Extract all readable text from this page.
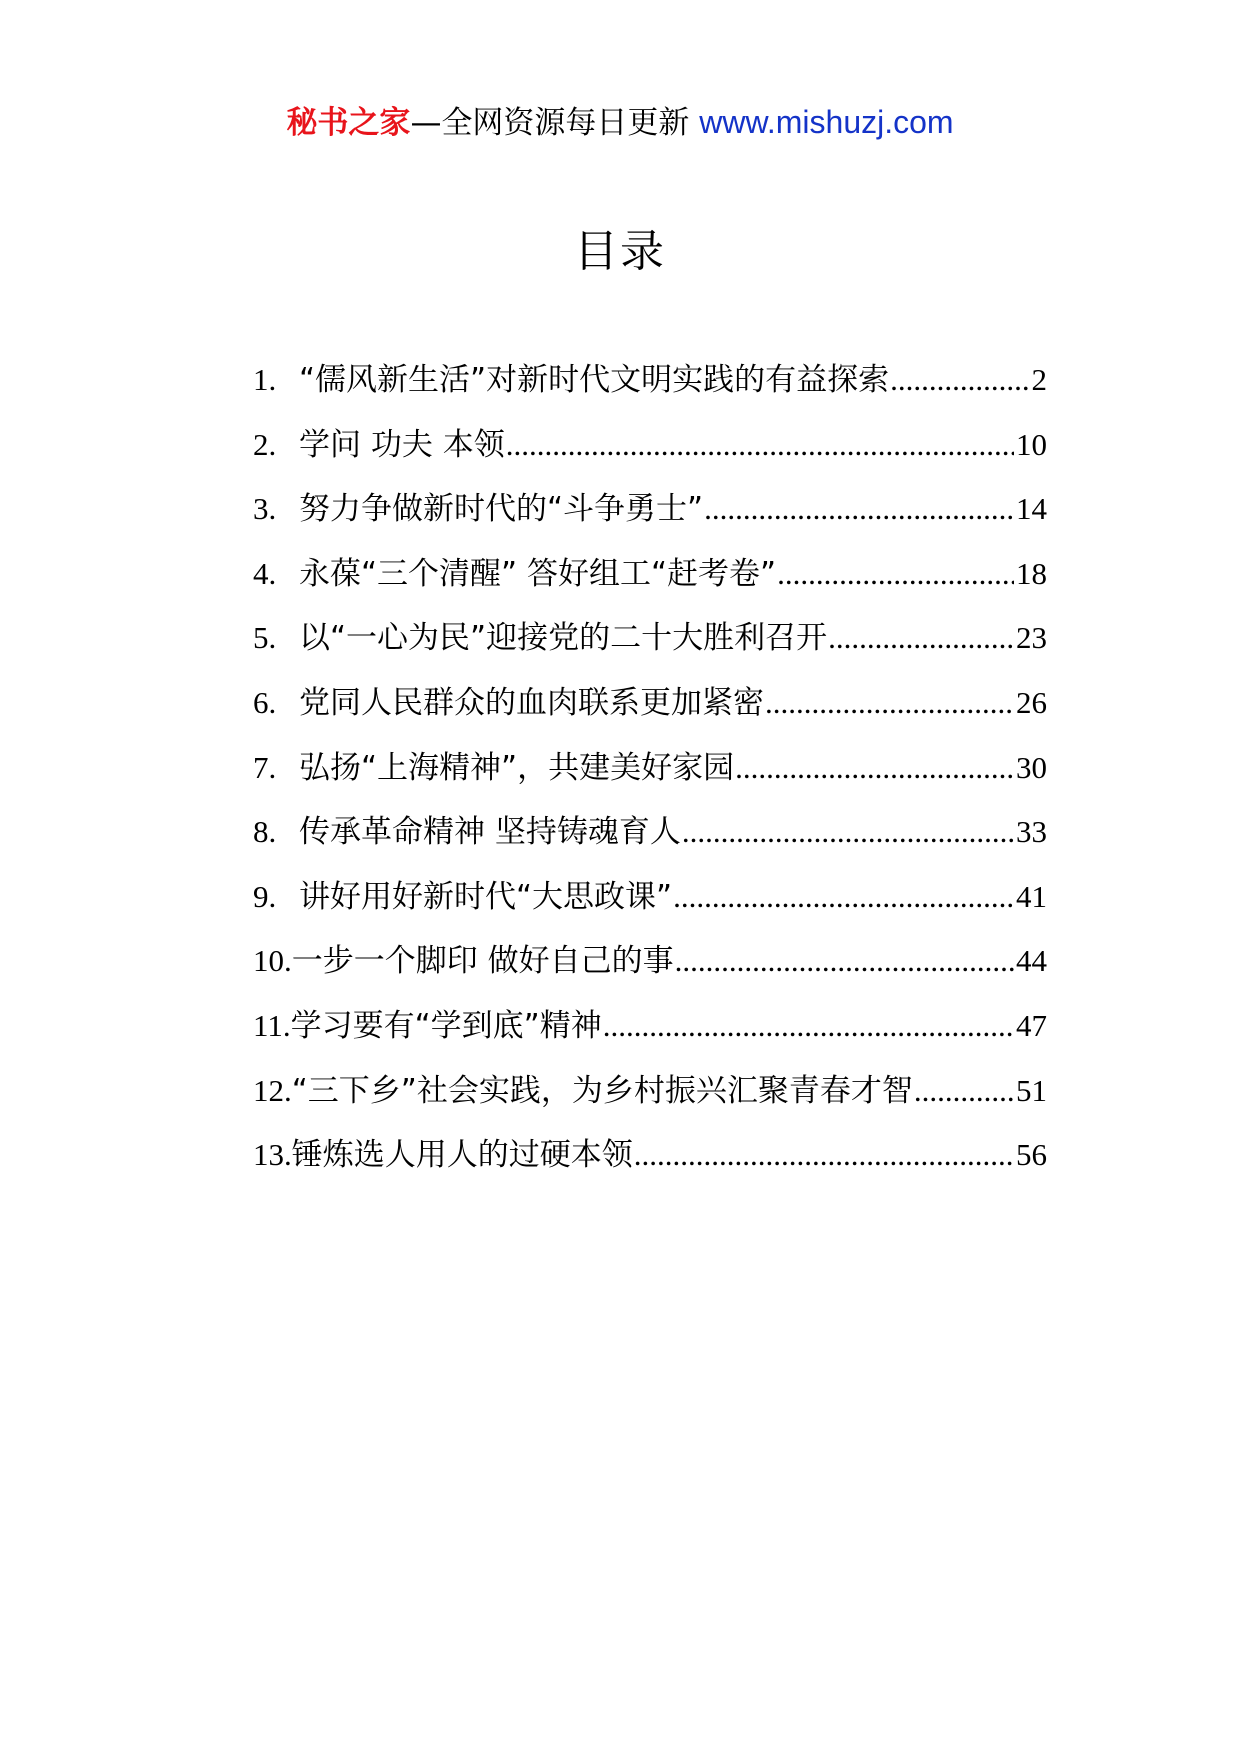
秘书之家—全网资源每日更新 www.mishuzj.com
目录
1. “儒风新生活”对新时代文明实践的有益探索 .....	2
2. 学问 功夫 本领 .....	10
3. 努力争做新时代的“斗争勇士” .....	14
4. 永葆“三个清醒” 答好组工“赶考卷” .....	18
5. 以“一心为民”迎接党的二十大胜利召开 .....	23
6. 党同人民群众的血肉联系更加紧密 .....	26
7. 弘扬“上海精神”，共建美好家园 .....	30
8. 传承革命精神 坚持铸魂育人 .....	33
9. 讲好用好新时代“大思政课” .....	41
10. 一步一个脚印 做好自己的事 .....	44
11. 学习要有“学到底”精神 .....	47
12. “三下乡”社会实践，为乡村振兴汇聚青春才智 .....	51
13. 锤炼选人用人的过硬本领 .....	56
